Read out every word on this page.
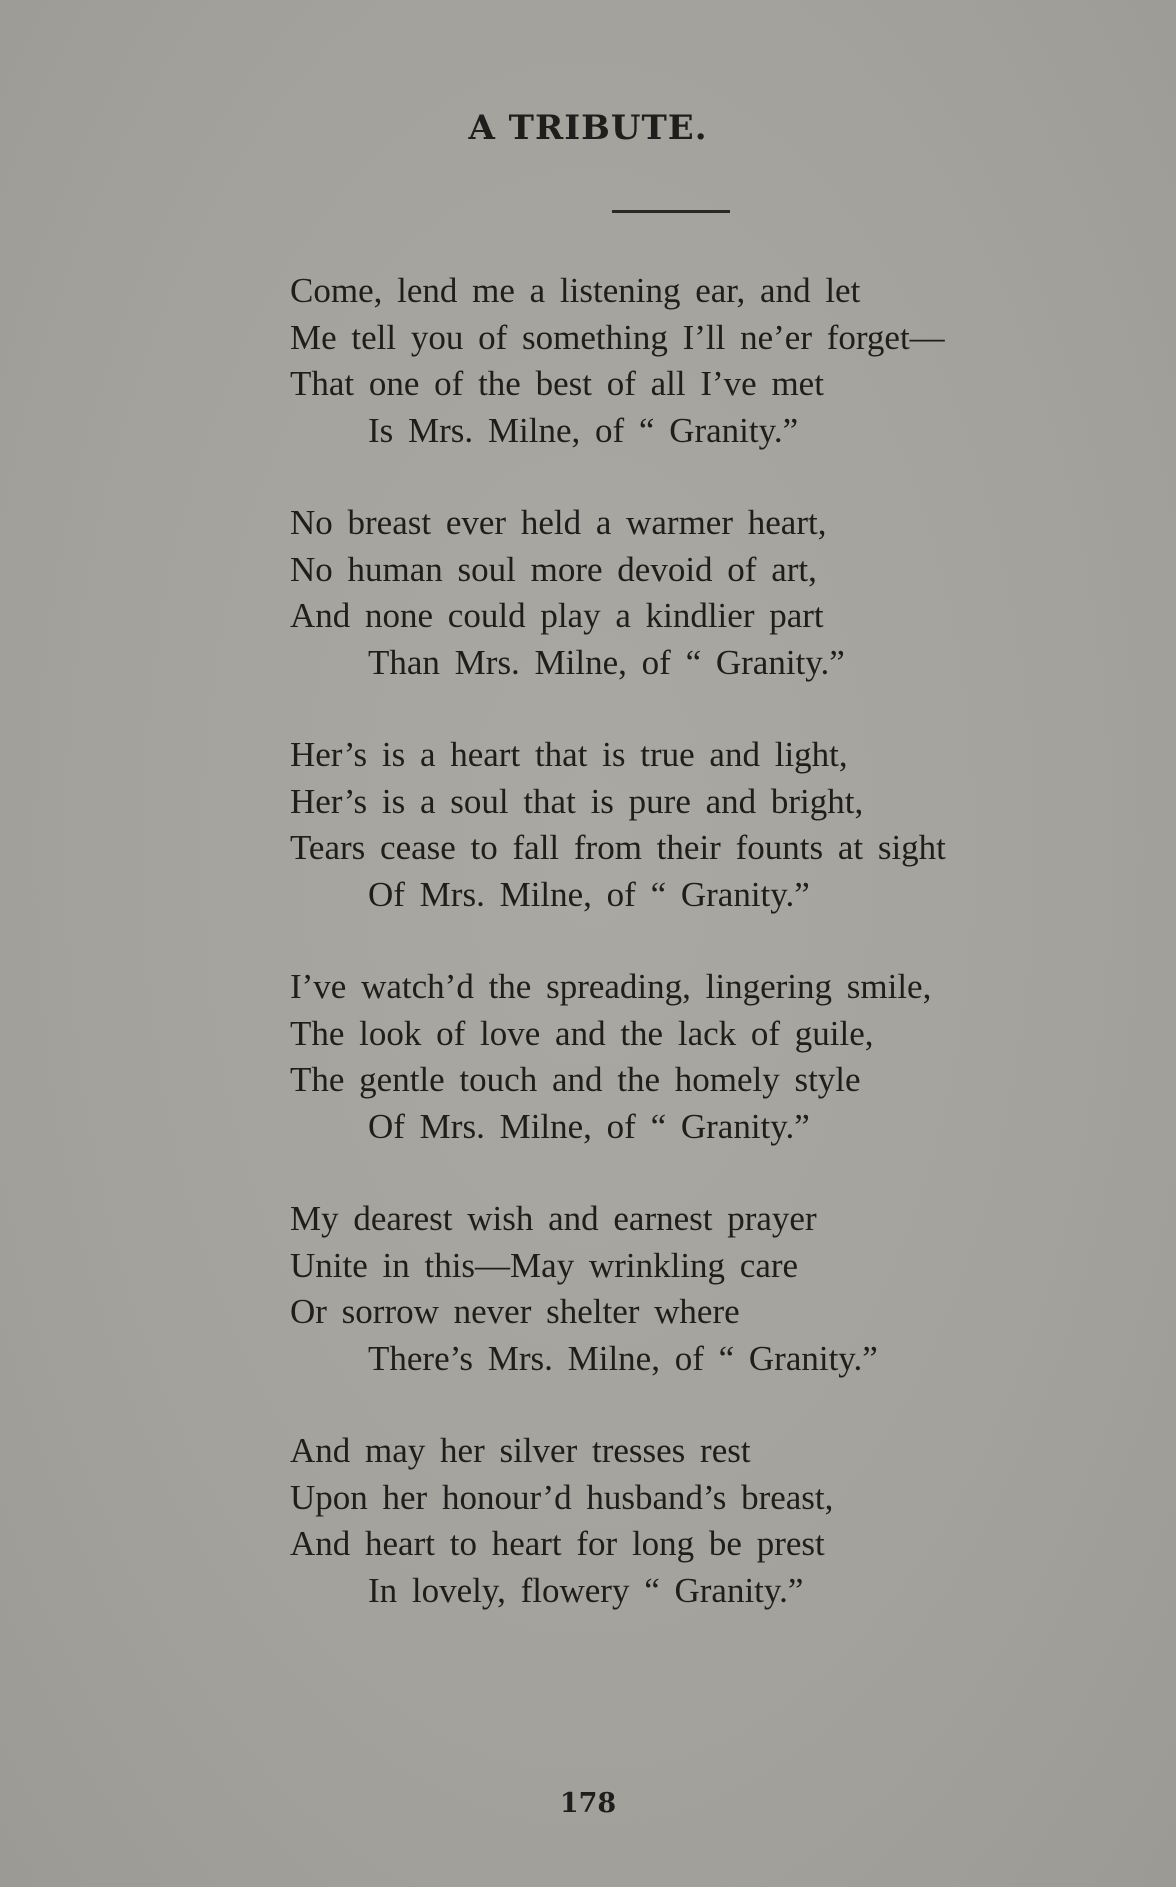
A TRIBUTE.
Come, lend me a listening ear, and let
Me tell you of something I’ll ne’er forget—
That one of the best of all I’ve met
Is Mrs. Milne, of “ Granity.”
No breast ever held a warmer heart,
No human soul more devoid of art,
And none could play a kindlier part
Than Mrs. Milne, of “ Granity.”
Her’s is a heart that is true and light,
Her’s is a soul that is pure and bright,
Tears cease to fall from their founts at sight
Of Mrs. Milne, of “ Granity.”
I’ve watch’d the spreading, lingering smile,
The look of love and the lack of guile,
The gentle touch and the homely style
Of Mrs. Milne, of “ Granity.”
My dearest wish and earnest prayer
Unite in this—May wrinkling care
Or sorrow never shelter where
There’s Mrs. Milne, of “ Granity.”
And may her silver tresses rest
Upon her honour’d husband’s breast,
And heart to heart for long be prest
In lovely, flowery “ Granity.”

178
